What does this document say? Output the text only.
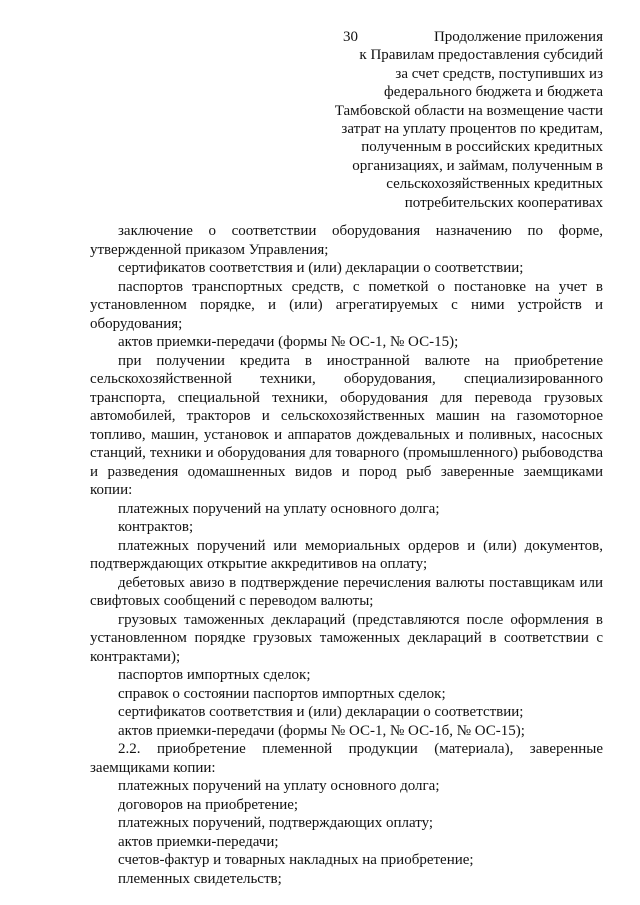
30	Продолжение приложения
к Правилам предоставления субсидий
за счет средств, поступивших из
федерального бюджета и бюджета
Тамбовской области на возмещение части
затрат на уплату процентов по кредитам,
полученным в российских кредитных
организациях, и займам, полученным в
сельскохозяйственных кредитных
потребительских кооперативах

заключение о соответствии оборудования назначению по форме, утвержденной приказом Управления;

сертификатов соответствия и (или) декларации о соответствии;

паспортов транспортных средств, с пометкой о постановке на учет в установленном порядке, и (или) агрегатируемых с ними устройств и оборудования;

актов приемки-передачи (формы № ОС-1, № ОС-15);

при получении кредита в иностранной валюте на приобретение сельскохозяйственной техники, оборудования, специализированного транспорта, специальной техники, оборудования для перевода грузовых автомобилей, тракторов и сельскохозяйственных машин на газомоторное топливо, машин, установок и аппаратов дождевальных и поливных, насосных станций, техники и оборудования для товарного (промышленного) рыбоводства и разведения одомашненных видов и пород рыб заверенные заемщиками копии:

платежных поручений на уплату основного долга;

контрактов;

платежных поручений или мемориальных ордеров и (или) документов, подтверждающих открытие аккредитивов на оплату;

дебетовых авизо в подтверждение перечисления валюты поставщикам или свифтовых сообщений с переводом валюты;

грузовых таможенных деклараций (представляются после оформления в установленном порядке грузовых таможенных деклараций в соответствии с контрактами);

паспортов импортных сделок;

справок о состоянии паспортов импортных сделок;

сертификатов соответствия и (или) декларации о соответствии;

актов приемки-передачи (формы № ОС-1, № ОС-1б, № ОС-15);

2.2. приобретение племенной продукции (материала), заверенные заемщиками копии:

платежных поручений на уплату основного долга;

договоров на приобретение;

платежных поручений, подтверждающих оплату;

актов приемки-передачи;

счетов-фактур и товарных накладных на приобретение;

племенных свидетельств;
